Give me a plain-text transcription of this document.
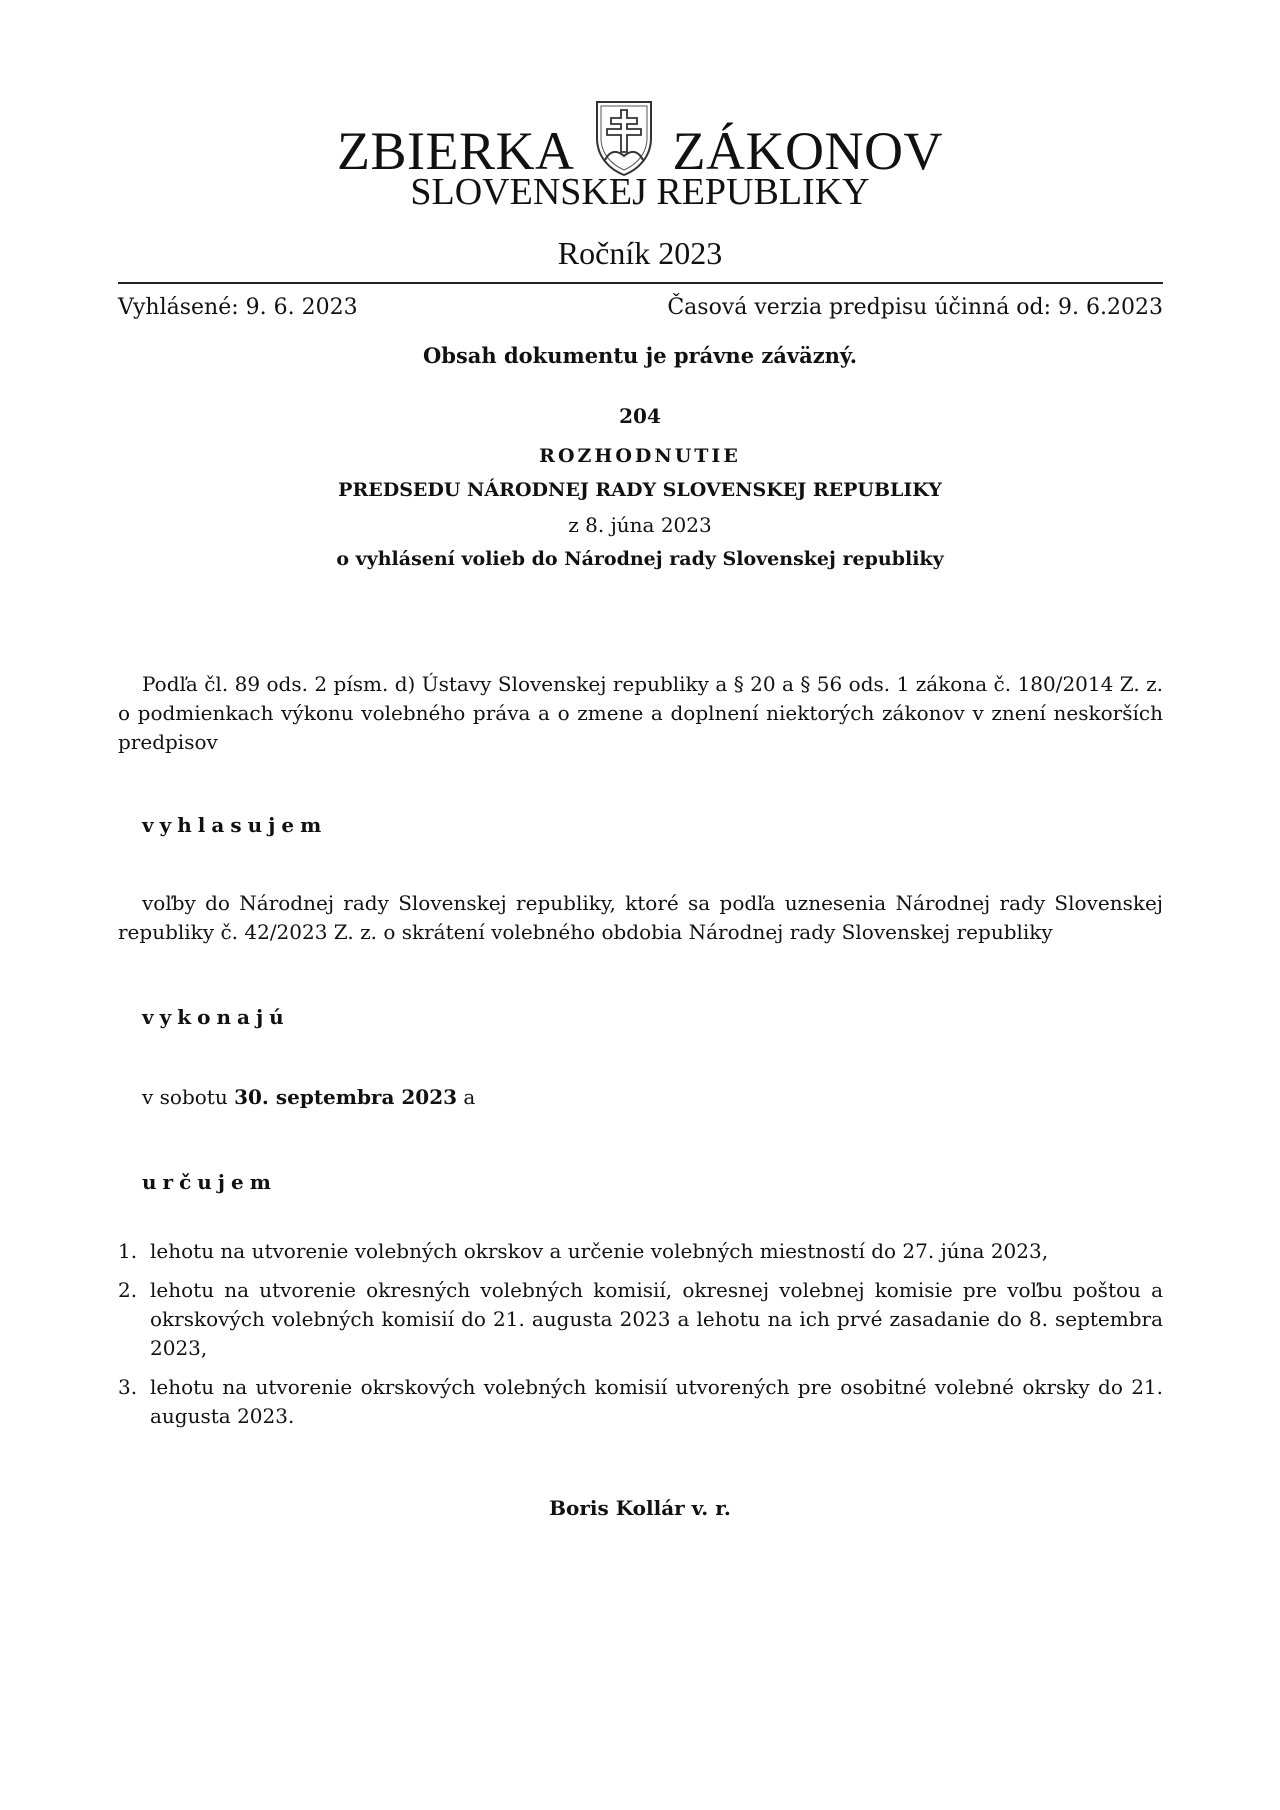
ZBIERKA ZÁKONOV
SLOVENSKEJ REPUBLIKY
Ročník 2023
Vyhlásené: 9. 6. 2023	Časová verzia predpisu účinná od: 9. 6.2023
Obsah dokumentu je právne záväzný.
204
ROZHODNUTIE
PREDSEDU NÁRODNEJ RADY SLOVENSKEJ REPUBLIKY
z 8. júna 2023
o vyhlásení volieb do Národnej rady Slovenskej republiky
Podľa čl. 89 ods. 2 písm. d) Ústavy Slovenskej republiky a § 20 a § 56 ods. 1 zákona č. 180/2014 Z. z. o podmienkach výkonu volebného práva a o zmene a doplnení niektorých zákonov v znení neskorších predpisov
vyhlasujem
voľby do Národnej rady Slovenskej republiky, ktoré sa podľa uznesenia Národnej rady Slovenskej republiky č. 42/2023 Z. z. o skrátení volebného obdobia Národnej rady Slovenskej republiky
vykonajú
v sobotu 30. septembra 2023 a
určujem
1. lehotu na utvorenie volebných okrskov a určenie volebných miestností do 27. júna 2023,
2. lehotu na utvorenie okresných volebných komisií, okresnej volebnej komisie pre voľbu poštou a okrskových volebných komisií do 21. augusta 2023 a lehotu na ich prvé zasadanie do 8. septembra 2023,
3. lehotu na utvorenie okrskových volebných komisií utvorených pre osobitné volebné okrsky do 21. augusta 2023.
Boris Kollár v. r.
